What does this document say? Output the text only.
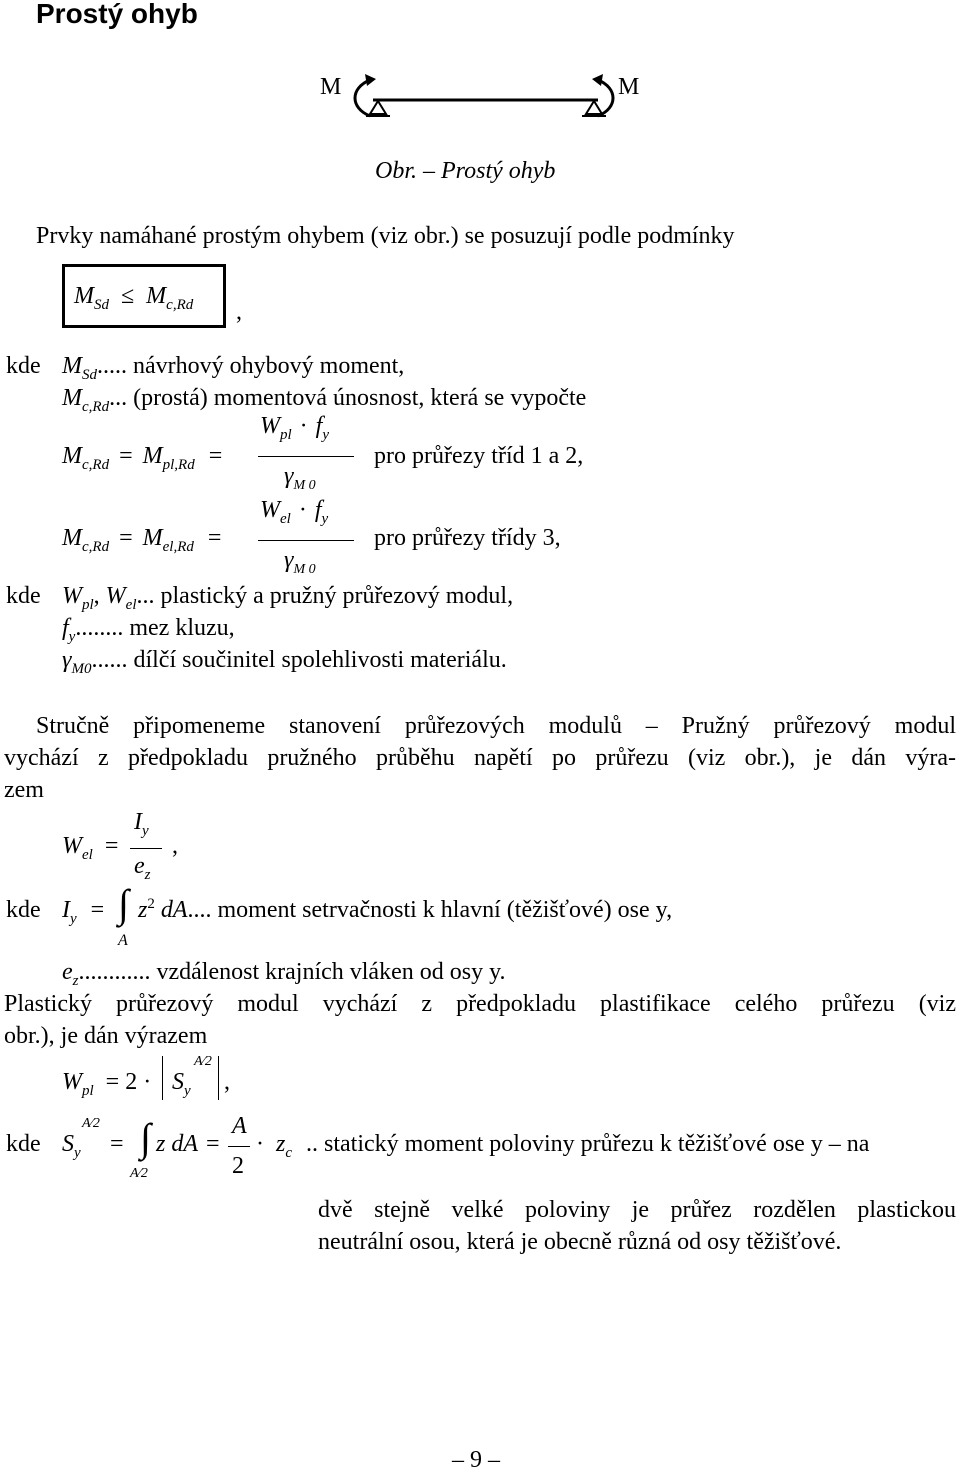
Prostý ohyb
M	M
Obr. – Prostý ohyb
Prvky namáhané prostým ohybem (viz obr.) se posuzují podle podmínky
$M_{Sd} \le M_{c,Rd}$ ,
kde $M_{Sd}$..... návrhový ohybový moment,
$M_{c,Rd}$... (prostá) momentová únosnost, která se vypočte
$M_{c,Rd} = M_{pl,Rd}$ =
$W_{pl} \cdot f_y$
$\gamma_{M 0}$
pro průřezy tříd 1 a 2,
$M_{c,Rd} = M_{el,Rd}$ =
$W_{el} \cdot f_y$
$\gamma_{M 0}$
pro průřezy třídy 3,
kde $W_{pl}$, $W_{el}$... plastický a pružný průřezový modul,
$f_y$........ mez kluzu,
$\gamma_{M0}$...... dílčí součinitel spolehlivosti materiálu.
Stručně připomeneme stanovení průřezových modulů – Pružný průřezový modul
vychází z předpokladu pružného průběhu napětí po průřezu (viz obr.), je dán výra-
zem
$W_{el}$ =
$I_y$
$e_z$
,
kde $I_y$ = ∫
A
$z^2$ dA.... moment setrvačnosti k hlavní (těžišťové) ose y,
$e_z$............ vzdálenost krajních vláken od osy y.
Plastický průřezový modul vychází z předpokladu plastifikace celého průřezu (viz
obr.), je dán výrazem
$W_{pl} = 2 \cdot S_y$
A⁄2
,
kde $S_y$
A⁄2
= ∫
A⁄2
z dA =
A
2
· $z_c$ .. statický moment poloviny průřezu k těžišťové ose y – na
dvě stejně velké poloviny je průřez rozdělen plastickou
neutrální osou, která je obecně různá od osy těžišťové.
– 9 –
